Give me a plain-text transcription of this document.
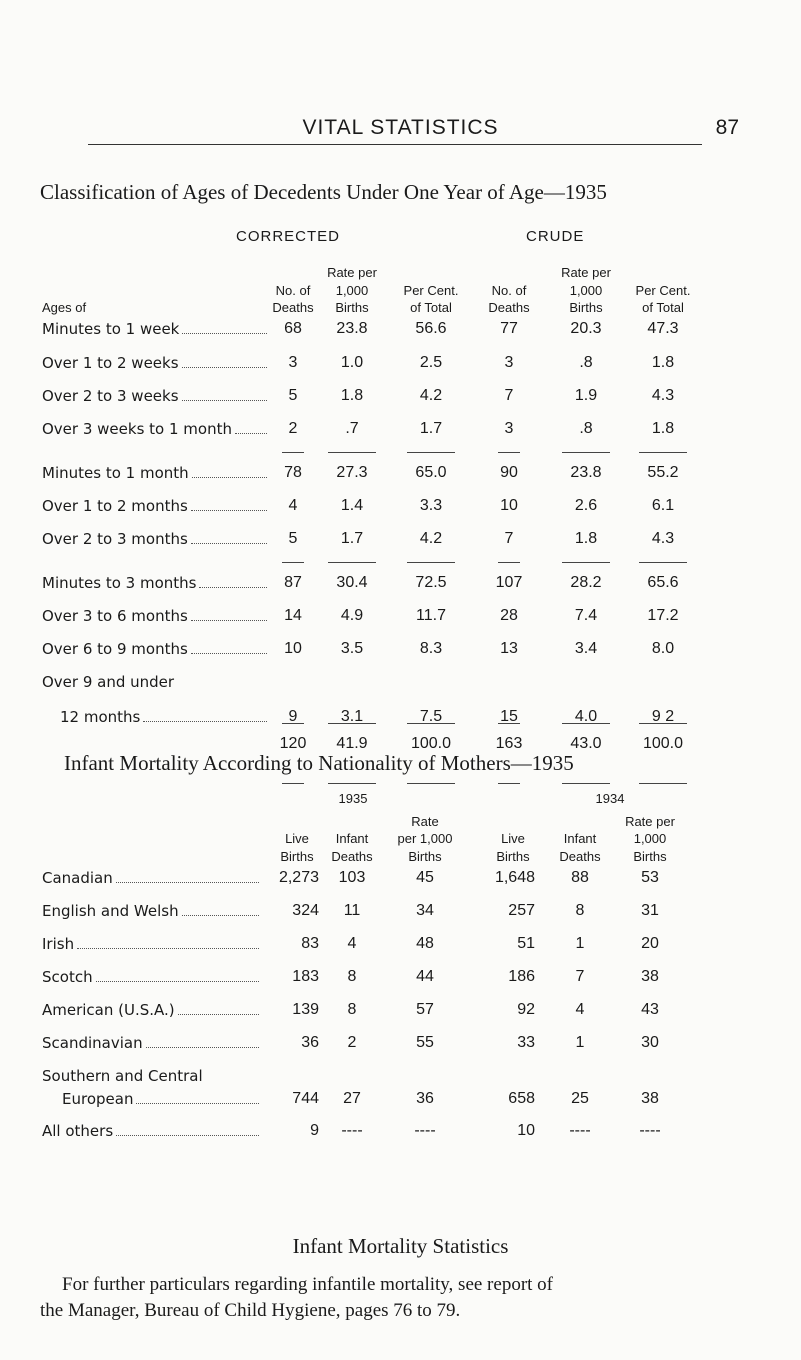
VITAL STATISTICS	87
Classification of Ages of Decedents Under One Year of Age—1935
CORRECTED	CRUDE
Ages of
No. of
Deaths
Rate per
1,000
Births
Per Cent.
of Total
No. of
Deaths
Rate per
1,000
Births
Per Cent.
of Total
Minutes to 1 week	68	23.8	56.6	77	20.3	47.3
Over 1 to 2 weeks	3	1.0	2.5	3	.8	1.8
Over 2 to 3 weeks	5	1.8	4.2	7	1.9	4.3
Over 3 weeks to 1 month	2	.7	1.7	3	.8	1.8
Minutes to 1 month	78	27.3	65.0	90	23.8	55.2
Over 1 to 2 months	4	1.4	3.3	10	2.6	6.1
Over 2 to 3 months	5	1.7	4.2	7	1.8	4.3
Minutes to 3 months	87	30.4	72.5	107	28.2	65.6
Over 3 to 6 months	14	4.9	11.7	28	7.4	17.2
Over 6 to 9 months	10	3.5	8.3	13	3.4	8.0
Over 9 and under
12 months	9	3.1	7.5	15	4.0	9 2
120	41.9	100.0	163	43.0	100.0
Infant Mortality According to Nationality of Mothers—1935
1935	1934
Live
Births
Infant
Deaths
Rate
per 1,000
Births
Live
Births
Infant
Deaths
Rate per
1,000
Births
Canadian	2,273	103	45	1,648	88	53
English and Welsh	324	11	34	257	8	31
Irish	83	4	48	51	1	20
Scotch	183	8	44	186	7	38
American (U.S.A.)	139	8	57	92	4	43
Scandinavian	36	2	55	33	1	30
Southern and Central
European	744	27	36	658	25	38
All others	9	----	----	10	----	----
Infant Mortality Statistics
For further particulars regarding infantile mortality, see report of
the Manager, Bureau of Child Hygiene, pages 76 to 79.
